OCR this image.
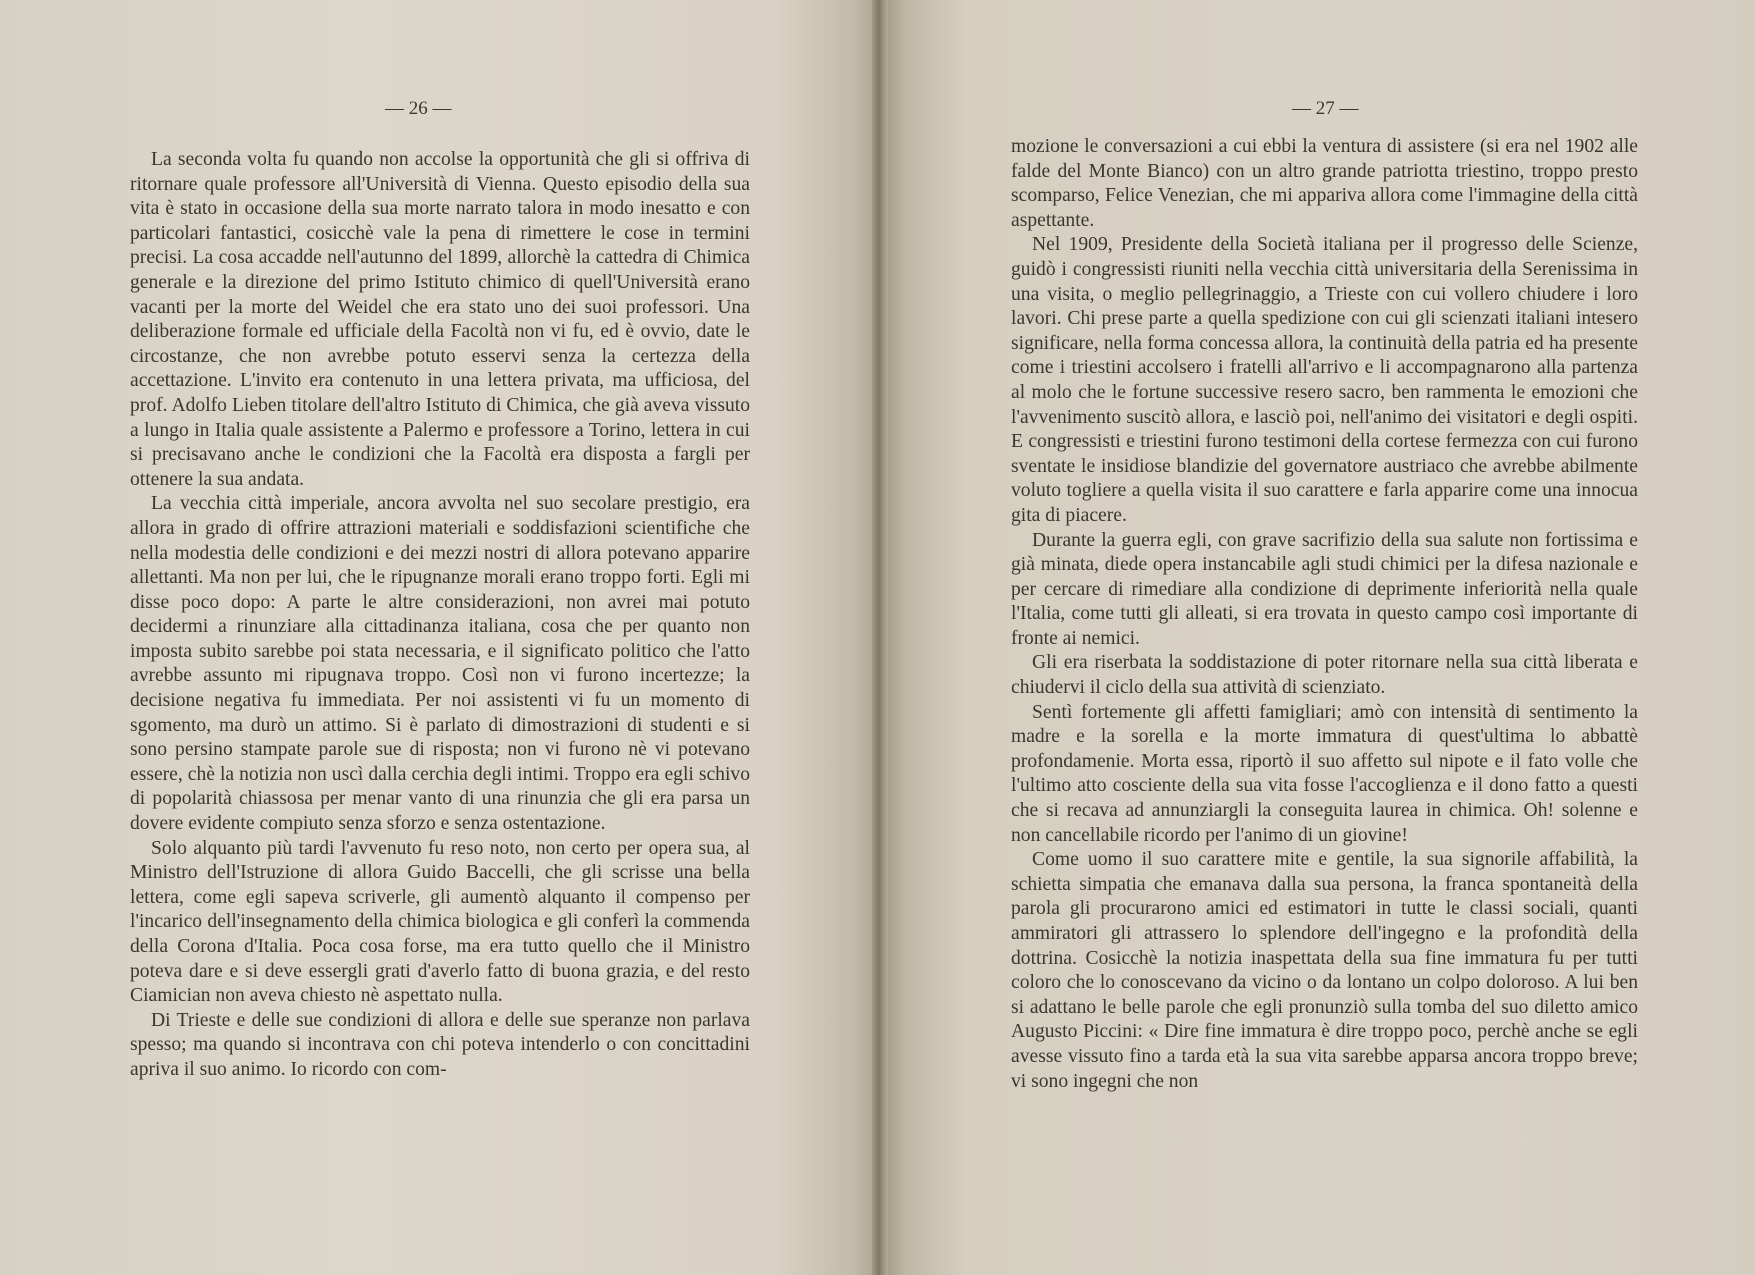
— 26 —

La seconda volta fu quando non accolse la opportunità che gli si offriva di ritornare quale professore all'Università di Vienna. Questo episodio della sua vita è stato in occasione della sua morte narrato talora in modo inesatto e con particolari fantastici, cosicchè vale la pena di rimettere le cose in termini precisi. La cosa accadde nell'autunno del 1899, allorchè la cattedra di Chimica generale e la direzione del primo Istituto chimico di quell'Università erano vacanti per la morte del Weidel che era stato uno dei suoi professori. Una deliberazione formale ed ufficiale della Facoltà non vi fu, ed è ovvio, date le circostanze, che non avrebbe potuto esservi senza la certezza della accettazione. L'invito era contenuto in una lettera privata, ma ufficiosa, del prof. Adolfo Lieben titolare dell'altro Istituto di Chimica, che già aveva vissuto a lungo in Italia quale assistente a Palermo e professore a Torino, lettera in cui si precisavano anche le condizioni che la Facoltà era disposta a fargli per ottenere la sua andata.

La vecchia città imperiale, ancora avvolta nel suo secolare prestigio, era allora in grado di offrire attrazioni materiali e soddisfazioni scientifiche che nella modestia delle condizioni e dei mezzi nostri di allora potevano apparire allettanti. Ma non per lui, che le ripugnanze morali erano troppo forti. Egli mi disse poco dopo: A parte le altre considerazioni, non avrei mai potuto decidermi a rinunziare alla cittadinanza italiana, cosa che per quanto non imposta subito sarebbe poi stata necessaria, e il significato politico che l'atto avrebbe assunto mi ripugnava troppo. Così non vi furono incertezze; la decisione negativa fu immediata. Per noi assistenti vi fu un momento di sgomento, ma durò un attimo. Si è parlato di dimostrazioni di studenti e si sono persino stampate parole sue di risposta; non vi furono nè vi potevano essere, chè la notizia non uscì dalla cerchia degli intimi. Troppo era egli schivo di popolarità chiassosa per menar vanto di una rinunzia che gli era parsa un dovere evidente compiuto senza sforzo e senza ostentazione.

Solo alquanto più tardi l'avvenuto fu reso noto, non certo per opera sua, al Ministro dell'Istruzione di allora Guido Baccelli, che gli scrisse una bella lettera, come egli sapeva scriverle, gli aumentò alquanto il compenso per l'incarico dell'insegnamento della chimica biologica e gli conferì la commenda della Corona d'Italia. Poca cosa forse, ma era tutto quello che il Ministro poteva dare e si deve essergli grati d'averlo fatto di buona grazia, e del resto Ciamician non aveva chiesto nè aspettato nulla.

Di Trieste e delle sue condizioni di allora e delle sue speranze non parlava spesso; ma quando si incontrava con chi poteva intenderlo o con concittadini apriva il suo animo. Io ricordo con com-

— 27 —

mozione le conversazioni a cui ebbi la ventura di assistere (si era nel 1902 alle falde del Monte Bianco) con un altro grande patriotta triestino, troppo presto scomparso, Felice Venezian, che mi appariva allora come l'immagine della città aspettante.

Nel 1909, Presidente della Società italiana per il progresso delle Scienze, guidò i congressisti riuniti nella vecchia città universitaria della Serenissima in una visita, o meglio pellegrinaggio, a Trieste con cui vollero chiudere i loro lavori. Chi prese parte a quella spedizione con cui gli scienzati italiani intesero significare, nella forma concessa allora, la continuità della patria ed ha presente come i triestini accolsero i fratelli all'arrivo e li accompagnarono alla partenza al molo che le fortune successive resero sacro, ben rammenta le emozioni che l'avvenimento suscitò allora, e lasciò poi, nell'animo dei visitatori e degli ospiti. E congressisti e triestini furono testimoni della cortese fermezza con cui furono sventate le insidiose blandizie del governatore austriaco che avrebbe abilmente voluto togliere a quella visita il suo carattere e farla apparire come una innocua gita di piacere.

Durante la guerra egli, con grave sacrifizio della sua salute non fortissima e già minata, diede opera instancabile agli studi chimici per la difesa nazionale e per cercare di rimediare alla condizione di deprimente inferiorità nella quale l'Italia, come tutti gli alleati, si era trovata in questo campo così importante di fronte ai nemici.

Gli era riserbata la soddistazione di poter ritornare nella sua città liberata e chiudervi il ciclo della sua attività di scienziato.

Sentì fortemente gli affetti famigliari; amò con intensità di sentimento la madre e la sorella e la morte immatura di quest'ultima lo abbattè profondamenie. Morta essa, riportò il suo affetto sul nipote e il fato volle che l'ultimo atto cosciente della sua vita fosse l'accoglienza e il dono fatto a questi che si recava ad annunziargli la conseguita laurea in chimica. Oh! solenne e non cancellabile ricordo per l'animo di un giovine!

Come uomo il suo carattere mite e gentile, la sua signorile affabilità, la schietta simpatia che emanava dalla sua persona, la franca spontaneità della parola gli procurarono amici ed estimatori in tutte le classi sociali, quanti ammiratori gli attrassero lo splendore dell'ingegno e la profondità della dottrina. Cosicchè la notizia inaspettata della sua fine immatura fu per tutti coloro che lo conoscevano da vicino o da lontano un colpo doloroso. A lui ben si adattano le belle parole che egli pronunziò sulla tomba del suo diletto amico Augusto Piccini: « Dire fine immatura è dire troppo poco, perchè anche se egli avesse vissuto fino a tarda età la sua vita sarebbe apparsa ancora troppo breve; vi sono ingegni che non
